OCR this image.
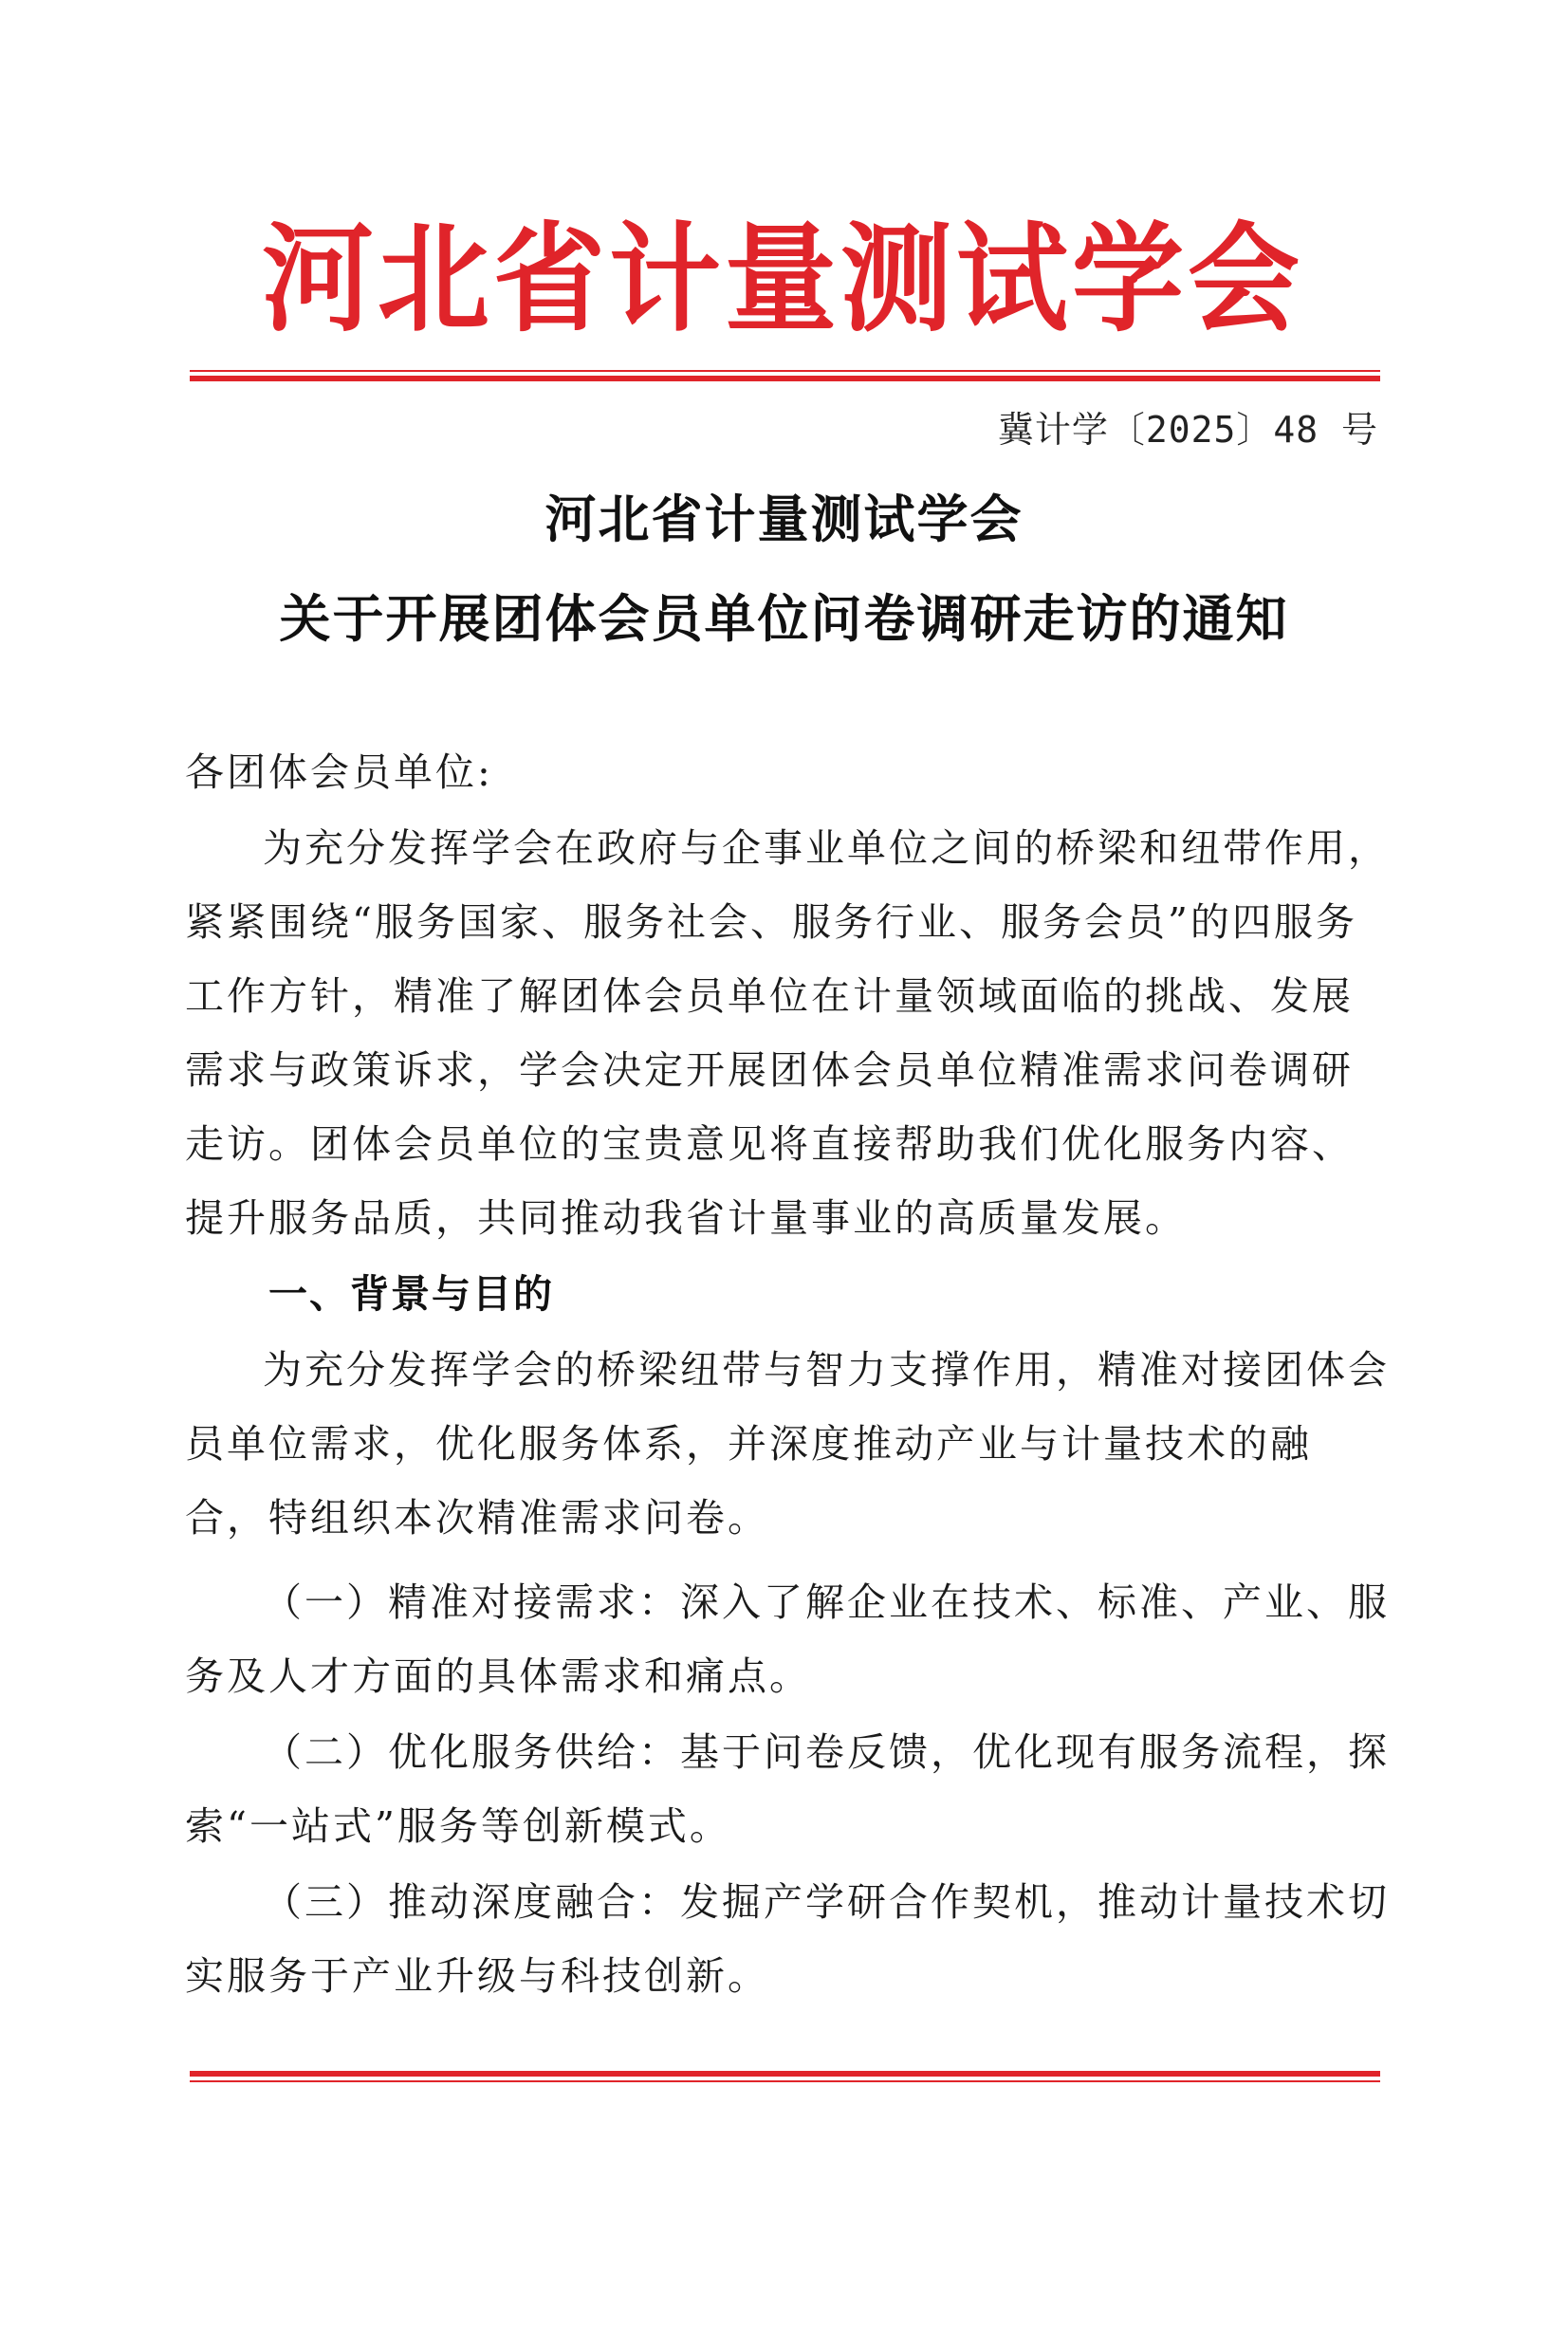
河北省计量测试学会
冀计学〔2025〕48 号
河北省计量测试学会
关于开展团体会员单位问卷调研走访的通知
各团体会员单位:
为充分发挥学会在政府与企事业单位之间的桥梁和纽带作用，紧紧围绕“服务国家、服务社会、服务行业、服务会员”的四服务工作方针，精准了解团体会员单位在计量领域面临的挑战、发展需求与政策诉求，学会决定开展团体会员单位精准需求问卷调研走访。团体会员单位的宝贵意见将直接帮助我们优化服务内容、提升服务品质，共同推动我省计量事业的高质量发展。
一、背景与目的
为充分发挥学会的桥梁纽带与智力支撑作用，精准对接团体会员单位需求，优化服务体系，并深度推动产业与计量技术的融合，特组织本次精准需求问卷。
（一）精准对接需求：深入了解企业在技术、标准、产业、服务及人才方面的具体需求和痛点。
（二）优化服务供给：基于问卷反馈，优化现有服务流程，探索“一站式”服务等创新模式。
（三）推动深度融合：发掘产学研合作契机，推动计量技术切实服务于产业升级与科技创新。
